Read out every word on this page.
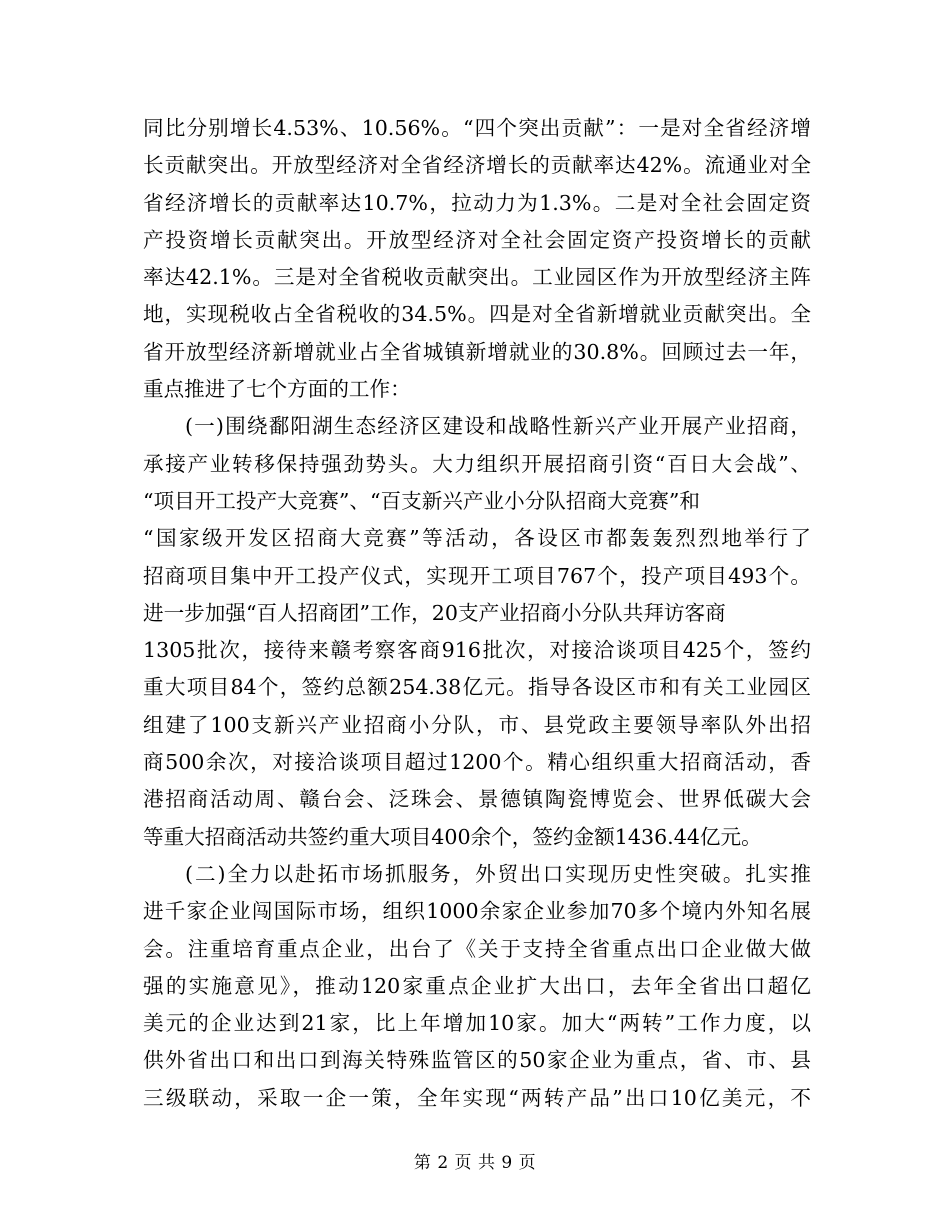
同比分别增长4.53%、10.56%。“四个突出贡献”：一是对全省经济增
长贡献突出。开放型经济对全省经济增长的贡献率达42%。流通业对全
省经济增长的贡献率达10.7%，拉动力为1.3%。二是对全社会固定资
产投资增长贡献突出。开放型经济对全社会固定资产投资增长的贡献
率达42.1%。三是对全省税收贡献突出。工业园区作为开放型经济主阵
地，实现税收占全省税收的34.5%。四是对全省新增就业贡献突出。全
省开放型经济新增就业占全省城镇新增就业的30.8%。回顾过去一年，
重点推进了七个方面的工作：
(一)围绕鄱阳湖生态经济区建设和战略性新兴产业开展产业招商，
承接产业转移保持强劲势头。大力组织开展招商引资“百日大会战”、
“项目开工投产大竞赛”、“百支新兴产业小分队招商大竞赛”和
“国家级开发区招商大竞赛”等活动，各设区市都轰轰烈烈地举行了
招商项目集中开工投产仪式，实现开工项目767个，投产项目493个。
进一步加强“百人招商团”工作，20支产业招商小分队共拜访客商
1305批次，接待来赣考察客商916批次，对接洽谈项目425个，签约
重大项目84个，签约总额254.38亿元。指导各设区市和有关工业园区
组建了100支新兴产业招商小分队，市、县党政主要领导率队外出招
商500余次，对接洽谈项目超过1200个。精心组织重大招商活动，香
港招商活动周、赣台会、泛珠会、景德镇陶瓷博览会、世界低碳大会
等重大招商活动共签约重大项目400余个，签约金额1436.44亿元。
(二)全力以赴拓市场抓服务，外贸出口实现历史性突破。扎实推
进千家企业闯国际市场，组织1000余家企业参加70多个境内外知名展
会。注重培育重点企业，出台了《关于支持全省重点出口企业做大做
强的实施意见》，推动120家重点企业扩大出口，去年全省出口超亿
美元的企业达到21家，比上年增加10家。加大“两转”工作力度，以
供外省出口和出口到海关特殊监管区的50家企业为重点，省、市、县
三级联动，采取一企一策，全年实现“两转产品”出口10亿美元，不
第 2 页 共 9 页
